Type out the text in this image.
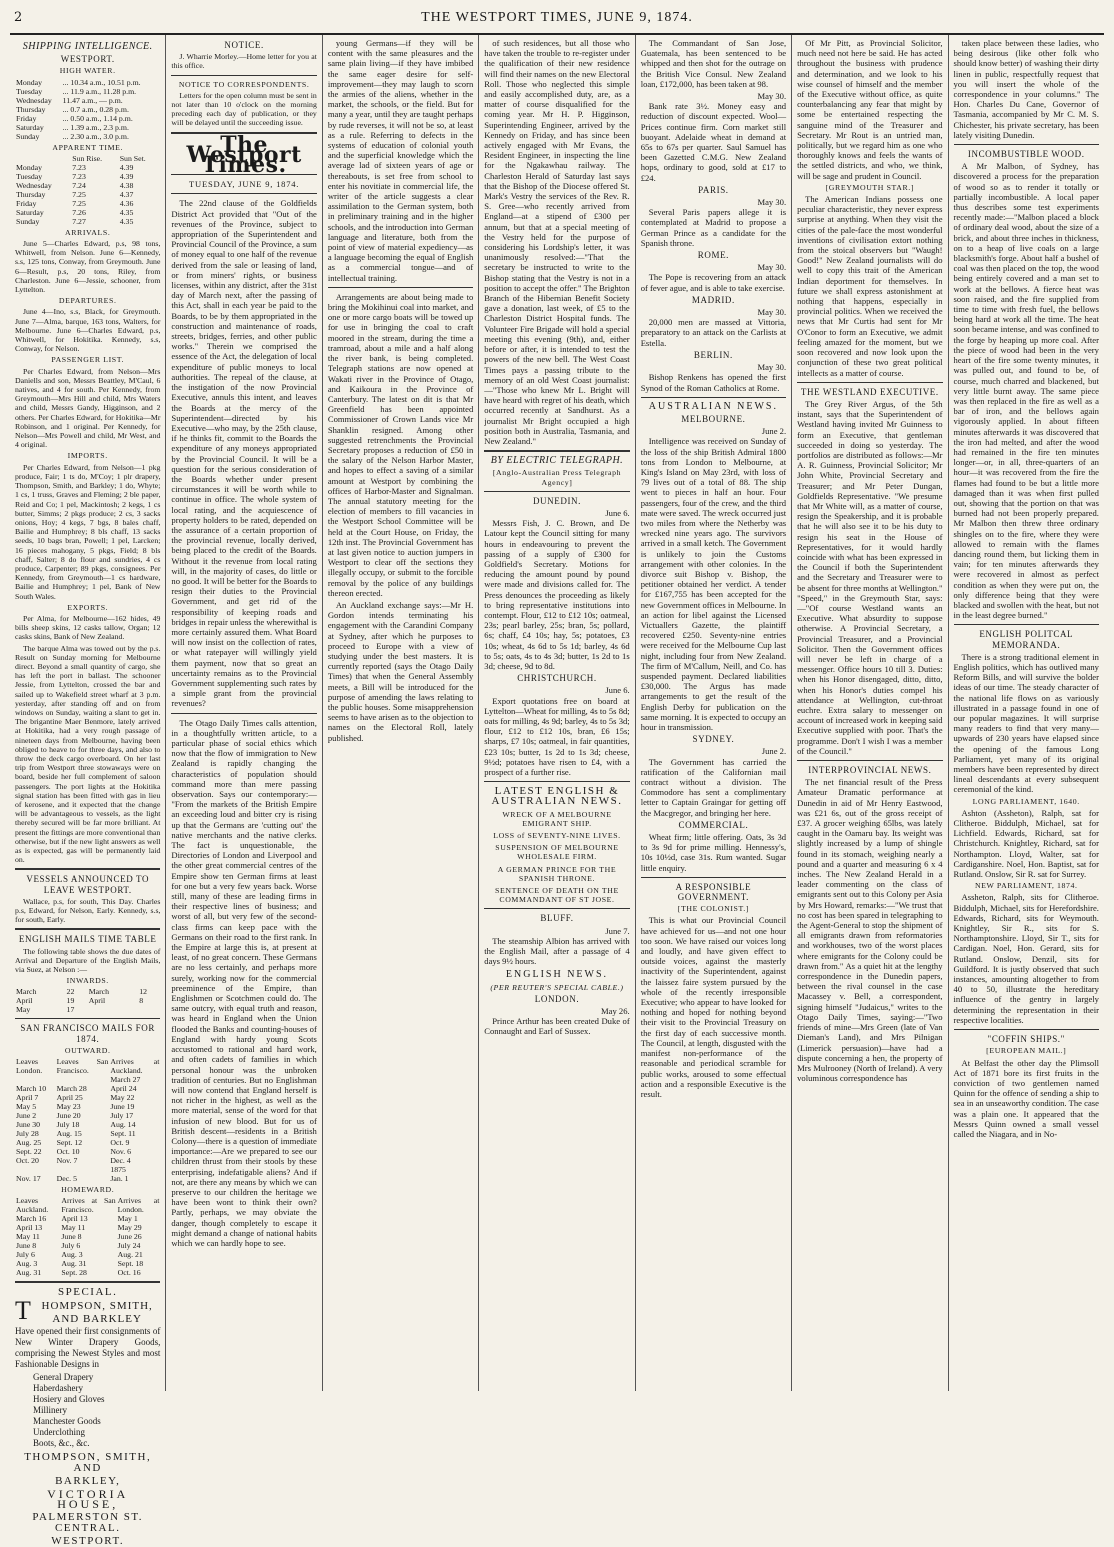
2	THE WESTPORT TIMES, JUNE 9, 1874.
SHIPPING INTELLIGENCE.
WESTPORT.
HIGH WATER.
Monday	... 10.34 a.m., 10.51 p.m.
Tuesday	... 11.9 a.m., 11.28 p.m.
Wednesday	11.47 a.m., — p.m.
Thursday	... 0.7 a.m., 0.28 p.m.
Friday	... 0.50 a.m., 1.14 p.m.
Saturday	... 1.39 a.m., 2.3 p.m.
Sunday	... 2.30 a.m., 3.0 p.m.
APPARENT TIME.
	Sun Rise.	Sun Set.
Monday	7.23	4.39
Tuesday	7.23	4.39
Wednesday	7.24	4.38
Thursday	7.25	4.37
Friday	7.25	4.36
Saturday	7.26	4.35
Sunday	7.27	4.35
ARRIVALS.

June 5—Charles Edward, p.s, 98 tons, Whitwell, from Nelson. June 6—Kennedy, s.s, 125 tons, Conway, from Greymouth. June 6—Result, p.s, 20 tons, Riley, from Charleston. June 6—Jessie, schooner, from Lyttelton.

DEPARTURES.

June 4—Ino, s.s, Black, for Greymouth. June 7—Alma, barque, 163 tons, Walters, for Melbourne. June 6—Charles Edward, p.s, Whitwell, for Hokitika. Kennedy, s.s, Conway, for Nelson.

PASSENGER LIST.

Per Charles Edward, from Nelson—Mrs Daniells and son, Messrs Beattley, M'Caul, 6 natives, and 4 for south. Per Kennedy, from Greymouth—Mrs Hill and child, Mrs Waters and child, Messrs Gandy, Higginson, and 2 others. Per Charles Edward, for Hokitika—Mr Robinson, and 1 original. Per Kennedy, for Nelson—Mrs Powell and child, Mr West, and 4 original.

IMPORTS.

Per Charles Edward, from Nelson—1 pkg produce, Fair; 1 ts do, M'Coy; 1 plr drapery, Thompson, Smith, and Barkley; 1 do, Whyte; 1 cs, 1 truss, Graves and Fleming; 2 ble paper, Reid and Co; 1 pel, Mackintosh; 2 kegs, 1 cs butter, Simms; 2 pkgs produce; 2 cs, 3 sacks onions, Hoy; 4 kegs, 7 bgs, 8 bales chaff, Bailie and Humphrey; 8 bls chaff, 13 sacks seeds, 10 bags bran, Powell; 1 pel, Larcken; 16 pieces mahogany, 5 pkgs, Field; 8 bls chaff, Salter; 8 do flour and sundries, 4 cs produce, Carpenter; 89 pkgs, consignees. Per Kennedy, from Greymouth—1 cs hardware, Bailie and Humphrey; 1 pel, Bank of New South Wales.

EXPORTS.

Per Alma, for Melbourne—162 hides, 49 bills sheep skins, 12 casks tallow, Organ; 12 casks skins, Bank of New Zealand.

The barque Alma was towed out by the p.s. Result on Sunday morning for Melbourne direct. Beyond a small quantity of cargo, she has left the port in ballast. The schooner Jessie, from Lyttelton, crossed the bar and sailed up to Wakefield street wharf at 3 p.m. yesterday, after standing off and on from windows on Sunday, waiting a slant to get in. The brigantine Maer Benmore, lately arrived at Hokitika, had a very rough passage of nineteen days from Melbourne, having been obliged to heave to for three days, and also to throw the deck cargo overboard. On her last trip from Westport three stowaways were on board, beside her full complement of saloon passengers. The port lights at the Hokitika signal station has been fitted with gas in lieu of kerosene, and it expected that the change will be advantageous to vessels, as the light thereby secured will be far more brilliant. At present the fittings are more conventional than otherwise, but if the new light answers as well as is expected, gas will be permanently laid on.

VESSELS ANNOUNCED TO LEAVE WESTPORT.

Wallace, p.s, for south, This Day. Charles p.s, Edward, for Nelson, Early. Kennedy, s.s, for south, Early.

ENGLISH MAILS TIME TABLE

The following table shows the due dates of Arrival and Departure of the English Mails, via Suez, at Nelson :—

INWARDS.
March	22	March	12
April	19	April	8
May	17		
SAN FRANCISCO MAILS FOR 1874.
OUTWARD.
Leaves London.	Leaves San Francisco.	Arrives at Auckland.
		March 27
March 10	March 28	April 24
April 7	April 25	May 22
May 5	May 23	June 19
June 2	June 20	July 17
June 30	July 18	Aug. 14
July 28	Aug. 15	Sept. 11
Aug. 25	Sept. 12	Oct. 9
Sept. 22	Oct. 10	Nov. 6
Oct. 20	Nov. 7	Dec. 4
		1875
Nov. 17	Dec. 5	Jan. 1
HOMEWARD.
Leaves Auckland.	Arrives at San Francisco.	Arrives at London.
March 16	April 13	May 1
April 13	May 11	May 29
May 11	June 8	June 26
June 8	July 6	July 24
July 6	Aug. 3	Aug. 21
Aug. 3	Aug. 31	Sept. 18
Aug. 31	Sept. 28	Oct. 16
SPECIAL.
T HOMPSON, SMITH, AND BARKLEY

Have opened their first consignments of New Winter Drapery Goods, comprising the Newest Styles and most Fashionable Designs in

General Drapery
Haberdashery
Hosiery and Gloves
Millinery
Manchester Goods
Underclothing
Boots, &c., &c.
THOMPSON, SMITH, AND
BARKLEY,
VICTORIA HOUSE,
PALMERSTON ST. CENTRAL.
WESTPORT.
NOTICE.

J. Wharrie Morley.—Home letter for you at this office.

NOTICE TO CORRESPONDENTS.

Letters for the open column must be sent in not later than 10 o'clock on the morning preceding each day of publication, or they will be delayed until the succeeding issue.

The Westport Times.
TUESDAY, JUNE 9, 1874.

The 22nd clause of the Goldfields District Act provided that "Out of the revenues of the Province, subject to appropriation of the Superintendent and Provincial Council of the Province, a sum of money equal to one half of the revenue derived from the sale or leasing of land, or from miners' rights, or business licenses, within any district, after the 31st day of March next, after the passing of this Act, shall in each year be paid to the Boards, to be by them appropriated in the construction and maintenance of roads, streets, bridges, ferries, and other public works." Therein we comprised the essence of the Act, the delegation of local expenditure of public moneys to local authorities. The repeal of the clause, at the instigation of the now Provincial Executive, annuls this intent, and leaves the Boards at the mercy of the Superintendent—directed by his Executive—who may, by the 25th clause, if he thinks fit, commit to the Boards the expenditure of any moneys appropriated by the Provincial Council. It will be a question for the serious consideration of the Boards whether under present circumstances it will be worth while to continue in office. The whole system of local rating, and the acquiescence of property holders to be rated, depended on the assurance of a certain proportion of the provincial revenue, locally derived, being placed to the credit of the Boards. Without it the revenue from local rating will, in the majority of cases, do little or no good. It will be better for the Boards to resign their duties to the Provincial Government, and get rid of the responsibility of keeping roads and bridges in repair unless the wherewithal is more certainly assured them. What Board will now insist on the collection of rates, or what ratepayer will willingly yield them payment, now that so great an uncertainty remains as to the Provincial Government supplementing such rates by a simple grant from the provincial revenues?

The Otago Daily Times calls attention, in a thoughtfully written article, to a particular phase of social ethics which now that the flow of immigration to New Zealand is rapidly changing the characteristics of population should command more than mere passing observation. Says our contemporary:— "From the markets of the British Empire an exceeding loud and bitter cry is rising up that the Germans are 'cutting out' the native merchants and the native clerks. The fact is unquestionable, the Directories of London and Liverpool and the other great commercial centres of the Empire show ten German firms at least for one but a very few years back. Worse still, many of these are leading firms in their respective lines of business; and worst of all, but very few of the second-class firms can keep pace with the Germans on their road to the first rank. In the Empire at large this is, at present at least, of no great concern. These Germans are no less certainly, and perhaps more surely, working now for the commercial preeminence of the Empire, than Englishmen or Scotchmen could do. The same outcry, with equal truth and reason, was heard in England when the Union flooded the Banks and counting-houses of England with hardy young Scots accustomed to rational and hard work, and often cadets of families in which personal honour was the unbroken tradition of centuries. But no Englishman will now contend that England herself is not richer in the highest, as well as the more material, sense of the word for that infusion of new blood. But for us of British descent—residents in a British Colony—there is a question of immediate importance:—Are we prepared to see our children thrust from their stools by these enterprising, indefatigable aliens? And if not, are there any means by which we can preserve to our children the heritage we have been wont to think their own? Partly, perhaps, we may obviate the danger, though completely to escape it might demand a change of national habits which we can hardly hope to see.

young Germans—if they will be content with the same pleasures and the same plain living—if they have imbibed the same eager desire for self-improvement—they may laugh to scorn the armies of the aliens, whether in the market, the schools, or the field. But for many a year, until they are taught perhaps by rude reverses, it will not be so, at least as a rule. Referring to defects in the systems of education of colonial youth and the superficial knowledge which the average lad of sixteen years of age or thereabouts, is set free from school to enter his novitiate in commercial life, the writer of the article suggests a clear assimilation to the German system, both in preliminary training and in the higher schools, and the introduction into German language and literature, both from the point of view of material expediency—as a language becoming the equal of English as a commercial tongue—and of intellectual training.

Arrangements are about being made to bring the Mokihinui coal into market, and one or more cargo boats will be towed up for use in bringing the coal to craft moored in the stream, during the time a tramroad, about a mile and a half along the river bank, is being completed. Telegraph stations are now opened at Wakati river in the Province of Otago, and Kaikoura in the Province of Canterbury. The latest on dit is that Mr Greenfield has been appointed Commissioner of Crown Lands vice Mr Shanklin resigned. Among other suggested retrenchments the Provincial Secretary proposes a reduction of £50 in the salary of the Nelson Harbor Master, and hopes to effect a saving of a similar amount at Westport by combining the offices of Harbor-Master and Signalman. The annual statutory meeting for the election of members to fill vacancies in the Westport School Committee will be held at the Court House, on Friday, the 12th inst. The Provincial Government has at last given notice to auction jumpers in Westport to clear off the sections they illegally occupy, or submit to the forcible removal by the police of any buildings thereon erected.

An Auckland exchange says:—Mr H. Gordon intends terminating his engagement with the Carandini Company at Sydney, after which he purposes to proceed to Europe with a view of studying under the best masters. It is currently reported (says the Otago Daily Times) that when the General Assembly meets, a Bill will be introduced for the purpose of amending the laws relating to the public houses. Some misapprehension seems to have arisen as to the objection to names on the Electoral Roll, lately published.

of such residences, but all those who have taken the trouble to re-register under the qualification of their new residence will find their names on the new Electoral Roll. Those who neglected this simple and easily accomplished duty, are, as a matter of course disqualified for the coming year. Mr H. P. Higginson, Superintending Engineer, arrived by the Kennedy on Friday, and has since been actively engaged with Mr Evans, the Resident Engineer, in inspecting the line for the Ngakawhau railway. The Charleston Herald of Saturday last says that the Bishop of the Diocese offered St. Mark's Vestry the services of the Rev. R. S. Gree—who recently arrived from England—at a stipend of £300 per annum, but that at a special meeting of the Vestry held for the purpose of considering his Lordship's letter, it was unanimously resolved:—"That the secretary be instructed to write to the Bishop stating that the Vestry is not in a position to accept the offer." The Brighton Branch of the Hibernian Benefit Society gave a donation, last week, of £5 to the Charleston District Hospital funds. The Volunteer Fire Brigade will hold a special meeting this evening (9th), and, either before or after, it is intended to test the powers of the new bell. The West Coast Times pays a passing tribute to the memory of an old West Coast journalist:—"Those who knew Mr L. Bright will have heard with regret of his death, which occurred recently at Sandhurst. As a journalist Mr Bright occupied a high position both in Australia, Tasmania, and New Zealand."

BY ELECTRIC TELEGRAPH.
[Anglo-Australian Press Telegraph Agency]
DUNEDIN.
June 6.

Messrs Fish, J. C. Brown, and De Latour kept the Council sitting for many hours in endeavouring to prevent the passing of a supply of £300 for Goldfield's Secretary. Motions for reducing the amount pound by pound were made and divisions called for. The Press denounces the proceeding as likely to bring representative institutions into contempt. Flour, £12 to £12 10s; oatmeal, 23s; pearl barley, 25s; bran, 5s; pollard, 6s; chaff, £4 10s; hay, 5s; potatoes, £3 10s; wheat, 4s 6d to 5s 1d; barley, 4s 6d to 5s; oats, 4s to 4s 3d; butter, 1s 2d to 1s 3d; cheese, 9d to 8d.

CHRISTCHURCH.
June 6.

Export quotations free on board at Lyttelton—Wheat for milling, 4s to 5s 8d; oats for milling, 4s 9d; barley, 4s to 5s 3d; flour, £12 to £12 10s, bran, £6 15s; sharps, £7 10s; oatmeal, in fair quantities, £23 10s; butter, 1s 2d to 1s 3d; cheese, 9½d; potatoes have risen to £4, with a prospect of a further rise.

LATEST ENGLISH & AUSTRALIAN NEWS.
WRECK OF A MELBOURNE EMIGRANT SHIP.
LOSS of SEVENTY-NINE LIVES.
SUSPENSION OF MELBOURNE WHOLESALE FIRM.
A GERMAN PRINCE FOR THE SPANISH THRONE.
SENTENCE OF DEATH ON THE COMMANDANT OF ST JOSE.
BLUFF.
June 7.

The steamship Albion has arrived with the English Mail, after a passage of 4 days 9½ hours.

ENGLISH NEWS.
(PER REUTER'S SPECIAL CABLE.)
LONDON.
May 26.

Prince Arthur has been created Duke of Connaught and Earl of Sussex.

The Commandant of San Jose, Guatemala, has been sentenced to be whipped and then shot for the outrage on the British Vice Consul. New Zealand loan, £172,000, has been taken at 98.

May 30.

Bank rate 3½. Money easy and reduction of discount expected. Wool—Prices continue firm. Corn market still buoyant. Adelaide wheat in demand at 65s to 67s per quarter. Saul Samuel has been Gazetted C.M.G. New Zealand hops, ordinary to good, sold at £17 to £24.

PARIS.
May 30.

Several Paris papers allege it is contemplated at Madrid to propose a German Prince as a candidate for the Spanish throne.

ROME.
May 30.

The Pope is recovering from an attack of fever ague, and is able to take exercise.

MADRID.
May 30.

20,000 men are massed at Vittoria, preparatory to an attack on the Carlists at Estella.

BERLIN.
May 30.

Bishop Renkens has opened the first Synod of the Roman Catholics at Rome.

AUSTRALIAN NEWS.
MELBOURNE.
June 2.

Intelligence was received on Sunday of the loss of the ship British Admiral 1800 tons from London to Melbourne, at King's Island on May 23rd, with loss of 79 lives out of a total of 88. The ship went to pieces in half an hour. Four passengers, four of the crew, and the third mate were saved. The wreck occurred just two miles from where the Netherby was wrecked nine years ago. The survivors arrived in a small ketch. The Government is unlikely to join the Customs arrangement with other colonies. In the divorce suit Bishop v. Bishop, the petitioner obtained her verdict. A tender for £167,755 has been accepted for the new Government offices in Melbourne. In an action for libel against the Licensed Victuallers Gazette, the plaintiff recovered £250. Seventy-nine entries were received for the Melbourne Cup last night, including four from New Zealand. The firm of M'Callum, Neill, and Co. has suspended payment. Declared liabilities £30,000. The Argus has made arrangements to get the result of the English Derby for publication on the same morning. It is expected to occupy an hour in transmission.

SYDNEY.
June 2.

The Government has carried the ratification of the Californian mail contract without a division. The Commodore has sent a complimentary letter to Captain Graingar for getting off the Macgregor, and bringing her here.

COMMERCIAL.

Wheat firm; little offering. Oats, 3s 3d to 3s 9d for prime milling. Hennessy's, 10s 10½d, case 31s. Rum wanted. Sugar little enquiry.

A RESPONSIBLE GOVERNMENT.
[THE COLONIST.]

This is what our Provincial Council have achieved for us—and not one hour too soon. We have raised our voices long and loudly, and have given effect to outside voices, against the masterly inactivity of the Superintendent, against the laissez faire system pursued by the whole of the recently irresponsible Executive; who appear to have looked for nothing and hoped for nothing beyond their visit to the Provincial Treasury on the first day of each successive month. The Council, at length, disgusted with the manifest non-performance of the reasonable and periodical scramble for public works, aroused to some effectual action and a responsible Executive is the result.

Of Mr Pitt, as Provincial Solicitor, much need not here be said. He has acted throughout the business with prudence and determination, and we look to his wise counsel of himself and the member of the Executive without office, as quite counterbalancing any fear that might by some be entertained respecting the sanguine mind of the Treasurer and Secretary. Mr Rout is an untried man, politically, but we regard him as one who thoroughly knows and feels the wants of the settled districts, and who, we think, will be sage and prudent in Council.

[GREYMOUTH STAR.]

The American Indians possess one peculiar characteristic, they never express surprise at anything. When they visit the cities of the pale-face the most wonderful inventions of civilisation extort nothing from the stoical observers but "Waugh! Good!" New Zealand journalists will do well to copy this trait of the American Indian deportment for themselves. In future we shall express astonishment at nothing that happens, especially in provincial politics. When we received the news that Mr Curtis had sent for Mr O'Conor to form an Executive, we admit feeling amazed for the moment, but we soon recovered and now look upon the conjunction of these two great political intellects as a matter of course.

THE WESTLAND EXECUTIVE.

The Grey River Argus, of the 5th instant, says that the Superintendent of Westland having invited Mr Guinness to form an Executive, that gentleman succeeded in doing so yesterday. The portfolios are distributed as follows:—Mr A. R. Guinness, Provincial Solicitor; Mr John White, Provincial Secretary and Treasurer; and Mr Peter Dungan, Goldfields Representative. "We presume that Mr White will, as a matter of course, resign the Speakership, and it is probable that he will also see it to be his duty to resign his seat in the House of Representatives, for it would hardly coincide with what has been expressed in the Council if both the Superintendent and the Secretary and Treasurer were to be absent for three months at Wellington." "Speed," in the Greymouth Star, says:—"Of course Westland wants an Executive. What absurdity to suppose otherwise. A Provincial Secretary, a Provincial Treasurer, and a Provincial Solicitor. Then the Government offices will never be left in charge of a messenger. Office hours 10 till 3. Duties: when his Honor disengaged, ditto, ditto, when his Honor's duties compel his attendance at Wellington, cut-throat euchre. Extra salary to messenger on account of increased work in keeping said Executive supplied with poor. That's the programme. Don't I wish I was a member of the Council."

INTERPROVINCIAL NEWS.

The net financial result of the Press Amateur Dramatic performance at Dunedin in aid of Mr Henry Eastwood, was £21 6s, out of the gross receipt of £37. A grocer weighing 65lbs, was lately caught in the Oamaru bay. Its weight was slightly increased by a lump of shingle found in its stomach, weighing nearly a pound and a quarter and measuring 6 x 4 inches. The New Zealand Herald in a leader commenting on the class of emigrants sent out to this Colony per Asia by Mrs Howard, remarks:—"We trust that no cost has been spared in telegraphing to the Agent-General to stop the shipment of all emigrants drawn from reformatories and workhouses, two of the worst places where emigrants for the Colony could be drawn from." As a quiet hit at the lengthy correspondence in the Dunedin papers, between the rival counsel in the case Macassey v. Bell, a correspondent, signing himself "Judaicus," writes to the Otago Daily Times, saying:—"Two friends of mine—Mrs Green (late of Van Dieman's Land), and Mrs Pilnigan (Limerick persuasion)—have had a dispute concerning a hen, the property of Mrs Mulrooney (North of Ireland). A very voluminous correspondence has

taken place between these ladies, who being desirous (like other folk who should know better) of washing their dirty linen in public, respectfully request that you will insert the whole of the correspondence in your columns." The Hon. Charles Du Cane, Governor of Tasmania, accompanied by Mr C. M. S. Chichester, his private secretary, has been lately visiting Dunedin.

INCOMBUSTIBLE WOOD.

A Mr Malbon, of Sydney, has discovered a process for the preparation of wood so as to render it totally or partially incombustible. A local paper thus describes some test experiments recently made:—"Malbon placed a block of ordinary deal wood, about the size of a brick, and about three inches in thickness, on to a heap of live coals on a large blacksmith's forge. About half a bushel of coal was then placed on the top, the wood being entirely covered and a man set to work at the bellows. A fierce heat was soon raised, and the fire supplied from time to time with fresh fuel, the bellows being hard at work all the time. The heat soon became intense, and was confined to the forge by heaping up more coal. After the piece of wood had been in the very heart of the fire some twenty minutes, it was pulled out, and found to be, of course, much charred and blackened, but very little burnt away. The same piece was then replaced in the fire as well as a bar of iron, and the bellows again vigorously applied. In about fifteen minutes afterwards it was discovered that the iron had melted, and after the wood had remained in the fire ten minutes longer—or, in all, three-quarters of an hour—it was recovered from the fire the flames had found to be but a little more damaged than it was when first pulled out, showing that the portion on that was burned had not been properly prepared. Mr Malbon then threw three ordinary shingles on to the fire, where they were allowed to remain with the flames dancing round them, but licking them in vain; for ten minutes afterwards they were recovered in almost as perfect condition as when they were put on, the only difference being that they were blacked and swollen with the heat, but not in the least degree burned."

ENGLISH POLITCAL MEMORANDA.

There is a strong traditional element in English politics, which has outlived many Reform Bills, and will survive the bolder ideas of our time. The steady character of the national life flows on as variously illustrated in a passage found in one of our popular magazines. It will surprise many readers to find that very many—upwards of 230 years have elapsed since the opening of the famous Long Parliament, yet many of its original members have been represented by direct lineal descendants at every subsequent ceremonial of the kind.

LONG PARLIAMENT, 1640.

Ashton (Assheton), Ralph, sat for Clitheroe. Biddulph, Michael, sat for Lichfield. Edwards, Richard, sat for Christchurch. Knightley, Richard, sat for Northampton. Lloyd, Walter, sat for Cardiganshire. Noel, Hon. Baptist, sat for Rutland. Onslow, Sir R. sat for Surrey.

NEW PARLIAMENT, 1874.

Assheton, Ralph, sits for Clitheroe. Biddulph, Michael, sits for Herefordshire. Edwards, Richard, sits for Weymouth. Knightley, Sir R., sits for S. Northamptonshire. Lloyd, Sir T., sits for Cardigan. Noel, Hon. Gerard, sits for Rutland. Onslow, Denzil, sits for Guildford. It is justly observed that such instances, amounting altogether to from 40 to 50, illustrate the hereditary influence of the gentry in largely determining the representation in their respective localities.

"COFFIN SHIPS."
[EUROPEAN MAIL.]

At Belfast the other day the Plimsoll Act of 1871 bore its first fruits in the conviction of two gentlemen named Quinn for the offence of sending a ship to sea in an unseaworthy condition. The case was a plain one. It appeared that the Messrs Quinn owned a small vessel called the Niagara, and in No-
